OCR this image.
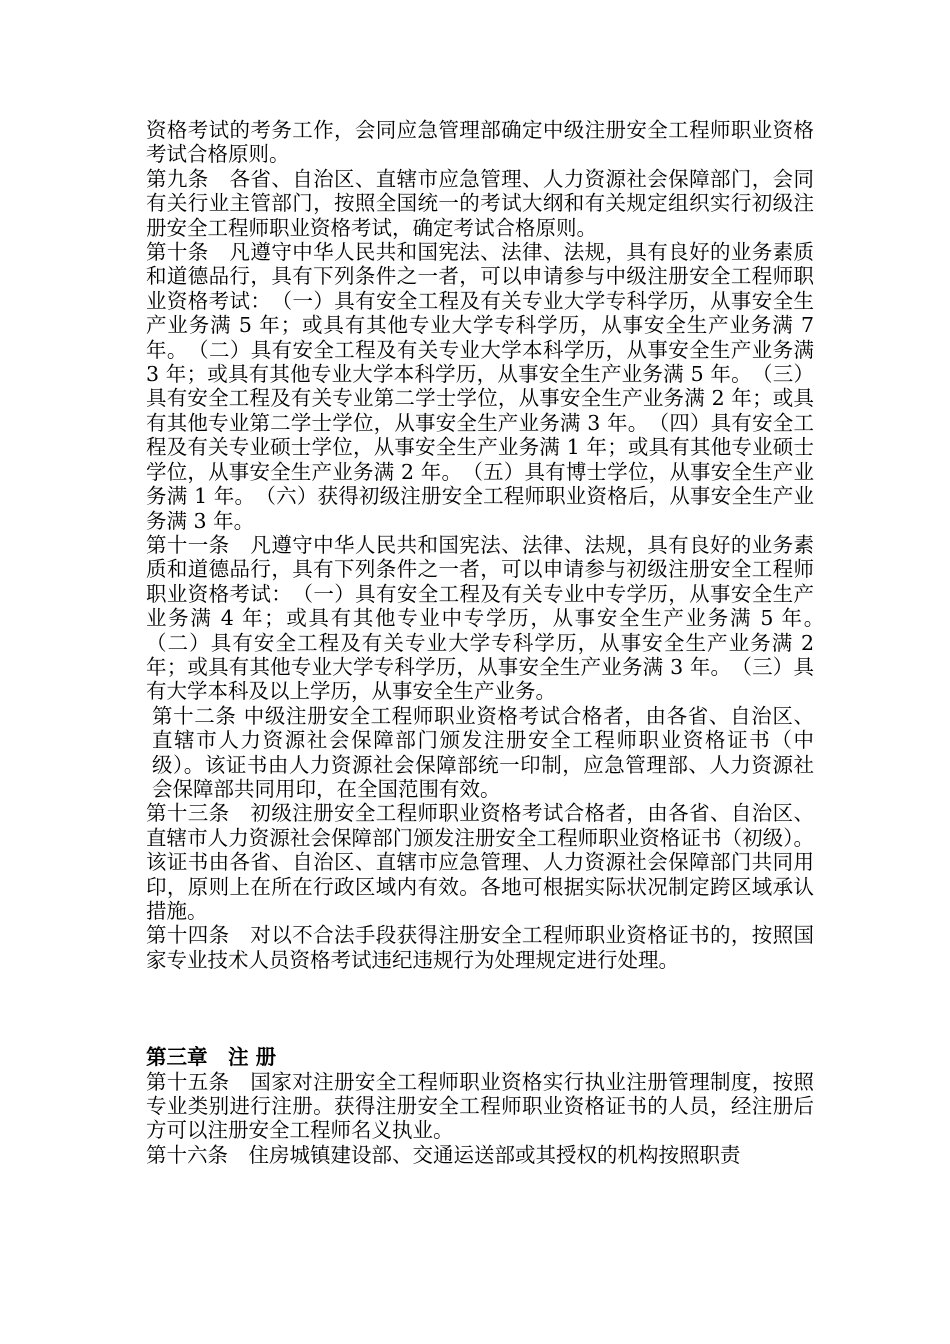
资格考试的考务工作，会同应急管理部确定中级注册安全工程师职业资格考试合格原则。

第九条　各省、自治区、直辖市应急管理、人力资源社会保障部门，会同有关行业主管部门，按照全国统一的考试大纲和有关规定组织实行初级注册安全工程师职业资格考试，确定考试合格原则。

第十条　凡遵守中华人民共和国宪法、法律、法规，具有良好的业务素质和道德品行，具有下列条件之一者，可以申请参与中级注册安全工程师职业资格考试：　（一）具有安全工程及有关专业大学专科学历，从事安全生产业务满 5 年；或具有其他专业大学专科学历，从事安全生产业务满 7 年。　（二）具有安全工程及有关专业大学本科学历，从事安全生产业务满 3 年；或具有其他专业大学本科学历，从事安全生产业务满 5 年。　（三）具有安全工程及有关专业第二学士学位，从事安全生产业务满 2 年；或具有其他专业第二学士学位，从事安全生产业务满 3 年。　（四）具有安全工程及有关专业硕士学位，从事安全生产业务满 1 年；或具有其他专业硕士学位，从事安全生产业务满 2 年。　（五）具有博士学位，从事安全生产业务满 1 年。　（六）获得初级注册安全工程师职业资格后，从事安全生产业务满 3 年。

第十一条　凡遵守中华人民共和国宪法、法律、法规，具有良好的业务素质和道德品行，具有下列条件之一者，可以申请参与初级注册安全工程师职业资格考试：　（一）具有安全工程及有关专业中专学历，从事安全生产业务满 4 年；或具有其他专业中专学历，从事安全生产业务满 5 年。　（二）具有安全工程及有关专业大学专科学历，从事安全生产业务满 2 年；或具有其他专业大学专科学历，从事安全生产业务满 3 年。　（三）具有大学本科及以上学历，从事安全生产业务。

第十二条 中级注册安全工程师职业资格考试合格者，由各省、自治区、直辖市人力资源社会保障部门颁发注册安全工程师职业资格证书（中级）。该证书由人力资源社会保障部统一印制，应急管理部、人力资源社会保障部共同用印，在全国范围有效。

第十三条　初级注册安全工程师职业资格考试合格者，由各省、自治区、直辖市人力资源社会保障部门颁发注册安全工程师职业资格证书（初级）。该证书由各省、自治区、直辖市应急管理、人力资源社会保障部门共同用印，原则上在所在行政区域内有效。各地可根据实际状况制定跨区域承认措施。

第十四条　对以不合法手段获得注册安全工程师职业资格证书的，按照国家专业技术人员资格考试违纪违规行为处理规定进行处理。

第三章　注 册

第十五条　国家对注册安全工程师职业资格实行执业注册管理制度，按照专业类别进行注册。获得注册安全工程师职业资格证书的人员，经注册后方可以注册安全工程师名义执业。

第十六条　住房城镇建设部、交通运送部或其授权的机构按照职责
